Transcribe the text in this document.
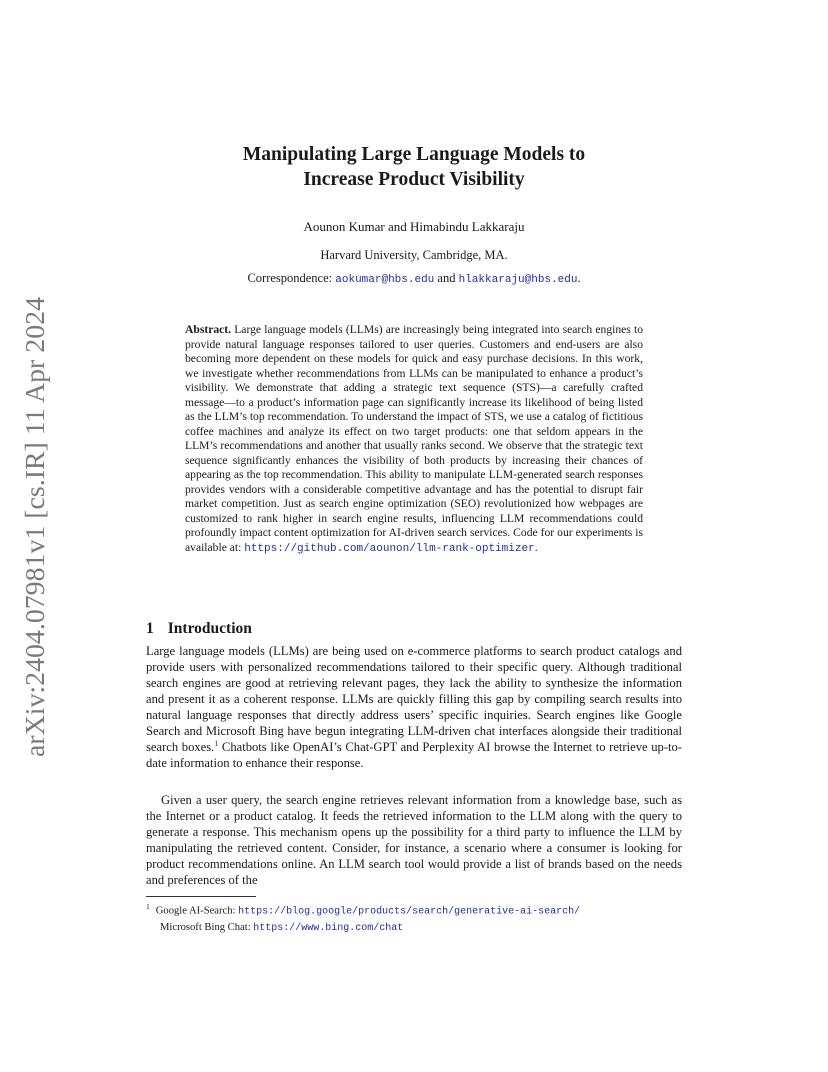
arXiv:2404.07981v1 [cs.IR] 11 Apr 2024
Manipulating Large Language Models to
Increase Product Visibility
Aounon Kumar and Himabindu Lakkaraju
Harvard University, Cambridge, MA.
Correspondence: aokumar@hbs.edu and hlakkaraju@hbs.edu.

Abstract. Large language models (LLMs) are increasingly being integrated into search engines to provide natural language responses tailored to user queries. Customers and end-users are also becoming more dependent on these models for quick and easy purchase decisions. In this work, we investigate whether recommendations from LLMs can be manipulated to enhance a product’s visibility. We demonstrate that adding a strategic text sequence (STS)—a carefully crafted message—to a product’s information page can significantly increase its likelihood of being listed as the LLM’s top recommendation. To understand the impact of STS, we use a catalog of fictitious coffee machines and analyze its effect on two target products: one that seldom appears in the LLM’s recommendations and another that usually ranks second. We observe that the strategic text sequence significantly enhances the visibility of both products by increasing their chances of appearing as the top recommendation. This ability to manipulate LLM-generated search responses provides vendors with a considerable competitive advantage and has the potential to disrupt fair market competition. Just as search engine optimization (SEO) revolutionized how webpages are customized to rank higher in search engine results, influencing LLM recommendations could profoundly impact content optimization for AI-driven search services. Code for our experiments is available at: https://github.com/aounon/llm-rank-optimizer.

1 Introduction

Large language models (LLMs) are being used on e-commerce platforms to search product catalogs and provide users with personalized recommendations tailored to their specific query. Although traditional search engines are good at retrieving relevant pages, they lack the ability to synthesize the information and present it as a coherent response. LLMs are quickly filling this gap by compiling search results into natural language responses that directly address users’ specific inquiries. Search engines like Google Search and Microsoft Bing have begun integrating LLM-driven chat interfaces alongside their traditional search boxes.$^1$ Chatbots like OpenAI’s Chat-GPT and Perplexity AI browse the Internet to retrieve up-to-date information to enhance their response.

Given a user query, the search engine retrieves relevant information from a knowledge base, such as the Internet or a product catalog. It feeds the retrieved information to the LLM along with the query to generate a response. This mechanism opens up the possibility for a third party to influence the LLM by manipulating the retrieved content. Consider, for instance, a scenario where a consumer is looking for product recommendations online. An LLM search tool would provide a list of brands based on the needs and preferences of the

$^1$ Google AI-Search: https://blog.google/products/search/generative-ai-search/
Microsoft Bing Chat: https://www.bing.com/chat
